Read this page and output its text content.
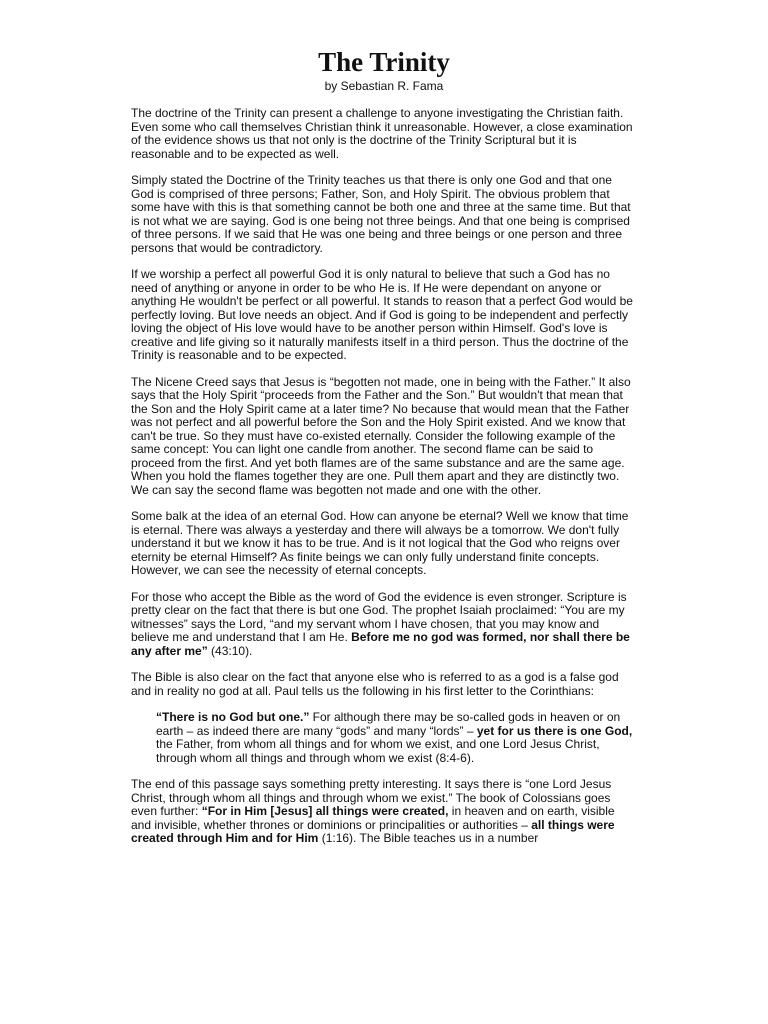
The Trinity
by Sebastian R. Fama

The doctrine of the Trinity can present a challenge to anyone investigating the Christian faith. Even some who call themselves Christian think it unreasonable. However, a close examination of the evidence shows us that not only is the doctrine of the Trinity Scriptural but it is reasonable and to be expected as well.

Simply stated the Doctrine of the Trinity teaches us that there is only one God and that one God is comprised of three persons; Father, Son, and Holy Spirit. The obvious problem that some have with this is that something cannot be both one and three at the same time. But that is not what we are saying. God is one being not three beings. And that one being is comprised of three persons. If we said that He was one being and three beings or one person and three persons that would be contradictory.

If we worship a perfect all powerful God it is only natural to believe that such a God has no need of anything or anyone in order to be who He is. If He were dependant on anyone or anything He wouldn't be perfect or all powerful. It stands to reason that a perfect God would be perfectly loving. But love needs an object. And if God is going to be independent and perfectly loving the object of His love would have to be another person within Himself. God's love is creative and life giving so it naturally manifests itself in a third person. Thus the doctrine of the Trinity is reasonable and to be expected.

The Nicene Creed says that Jesus is “begotten not made, one in being with the Father.” It also says that the Holy Spirit “proceeds from the Father and the Son.” But wouldn't that mean that the Son and the Holy Spirit came at a later time? No because that would mean that the Father was not perfect and all powerful before the Son and the Holy Spirit existed. And we know that can't be true. So they must have co-existed eternally. Consider the following example of the same concept: You can light one candle from another. The second flame can be said to proceed from the first. And yet both flames are of the same substance and are the same age. When you hold the flames together they are one. Pull them apart and they are distinctly two. We can say the second flame was begotten not made and one with the other.

Some balk at the idea of an eternal God. How can anyone be eternal? Well we know that time is eternal. There was always a yesterday and there will always be a tomorrow. We don't fully understand it but we know it has to be true. And is it not logical that the God who reigns over eternity be eternal Himself? As finite beings we can only fully understand finite concepts. However, we can see the necessity of eternal concepts.

For those who accept the Bible as the word of God the evidence is even stronger. Scripture is pretty clear on the fact that there is but one God. The prophet Isaiah proclaimed: “You are my witnesses” says the Lord, “and my servant whom I have chosen, that you may know and believe me and understand that I am He. Before me no god was formed, nor shall there be any after me” (43:10).

The Bible is also clear on the fact that anyone else who is referred to as a god is a false god and in reality no god at all. Paul tells us the following in his first letter to the Corinthians:

“There is no God but one.” For although there may be so-called gods in heaven or on earth – as indeed there are many “gods” and many “lords” – yet for us there is one God, the Father, from whom all things and for whom we exist, and one Lord Jesus Christ, through whom all things and through whom we exist (8:4-6).

The end of this passage says something pretty interesting. It says there is “one Lord Jesus Christ, through whom all things and through whom we exist.” The book of Colossians goes even further: “For in Him [Jesus] all things were created, in heaven and on earth, visible and invisible, whether thrones or dominions or principalities or authorities – all things were created through Him and for Him (1:16). The Bible teaches us in a number
